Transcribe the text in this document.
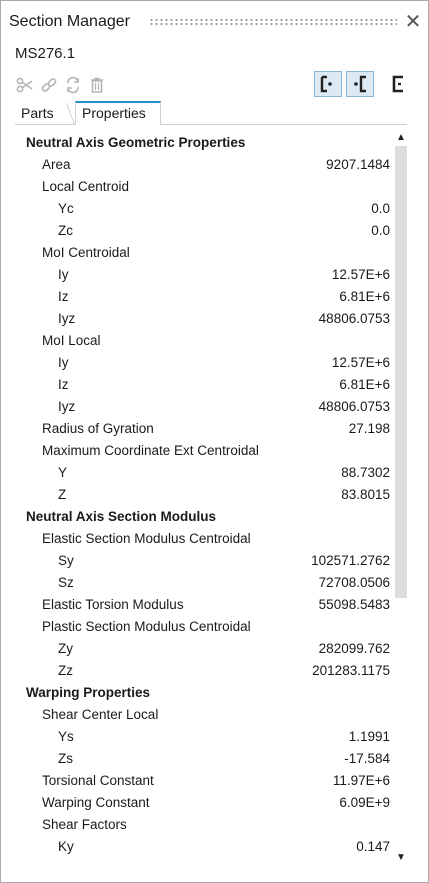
Section Manager	✕
MS276.1
Parts	Properties
Neutral Axis Geometric Properties
Area	9207.1484
Local Centroid
Yc	0.0
Zc	0.0
MoI Centroidal
Iy	12.57E+6
Iz	6.81E+6
Iyz	48806.0753
MoI Local
Iy	12.57E+6
Iz	6.81E+6
Iyz	48806.0753
Radius of Gyration	27.198
Maximum Coordinate Ext Centroidal
Y	88.7302
Z	83.8015
Neutral Axis Section Modulus
Elastic Section Modulus Centroidal
Sy	102571.2762
Sz	72708.0506
Elastic Torsion Modulus	55098.5483
Plastic Section Modulus Centroidal
Zy	282099.762
Zz	201283.1175
Warping Properties
Shear Center Local
Ys	1.1991
Zs	-17.584
Torsional Constant	11.97E+6
Warping Constant	6.09E+9
Shear Factors
Ky	0.147
▲
▼
